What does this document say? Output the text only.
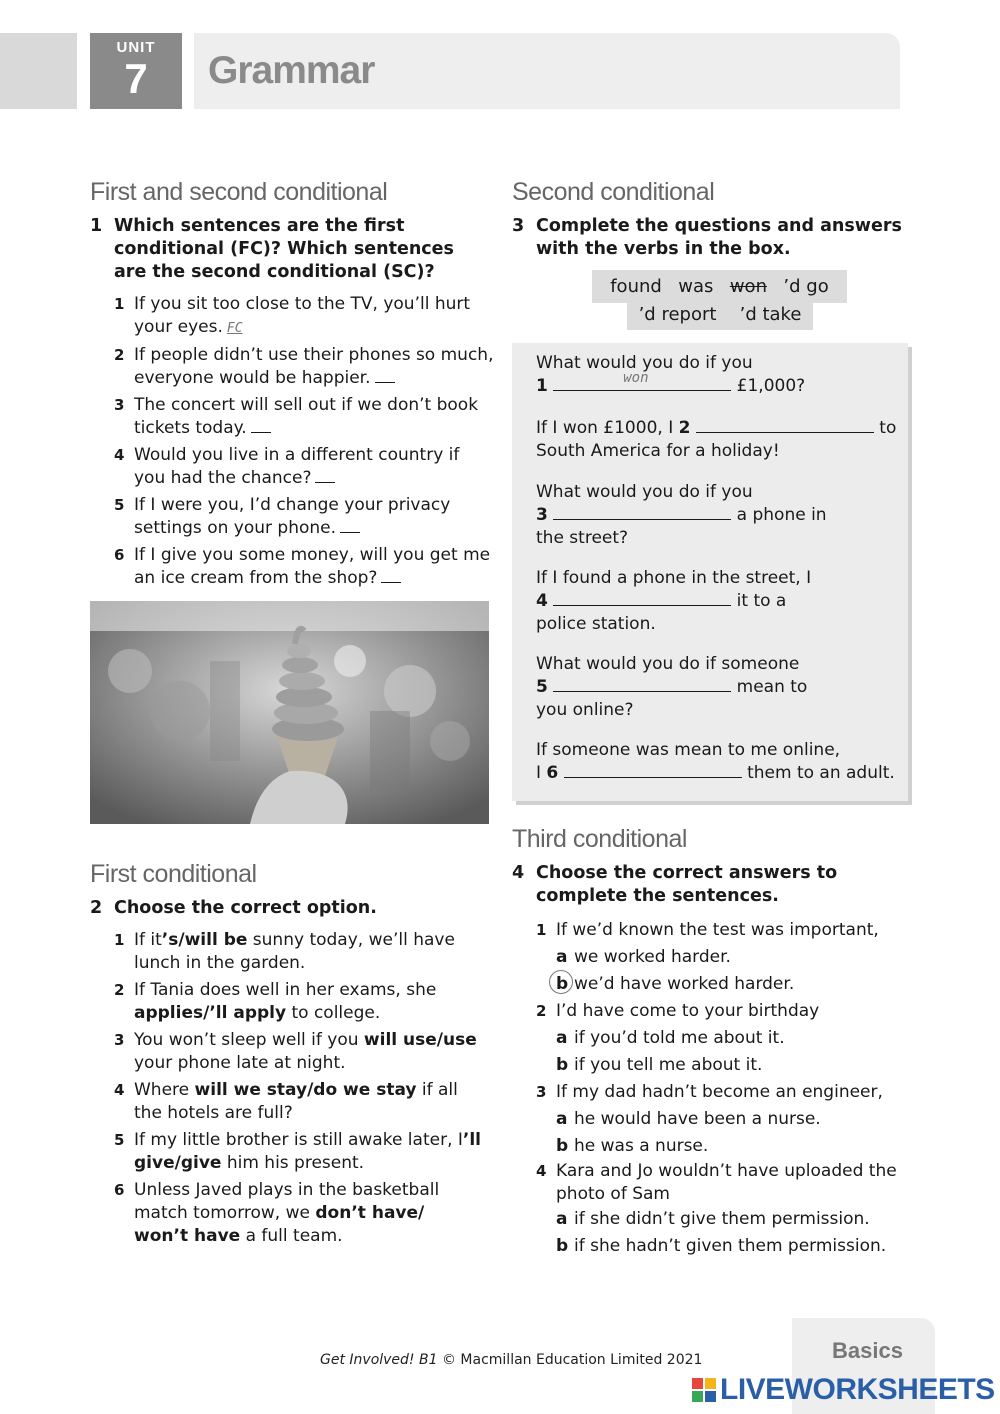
UNIT
7	Grammar
First and second conditional
1 Which sentences are the first conditional (FC)? Which sentences are the second conditional (SC)?
1 If you sit too close to the TV, you’ll hurt your eyes. FC
2 If people didn’t use their phones so much, everyone would be happier.
3 The concert will sell out if we don’t book tickets today.
4 Would you live in a different country if you had the chance?
5 If I were you, I’d change your privacy settings on your phone.
6 If I give you some money, will you get me an ice cream from the shop?
First conditional
2 Choose the correct option.
1 If it’s/will be sunny today, we’ll have lunch in the garden.
2 If Tania does well in her exams, she applies/’ll apply to college.
3 You won’t sleep well if you will use/use your phone late at night.
4 Where will we stay/do we stay if all the hotels are full?
5 If my little brother is still awake later, I’ll give/give him his present.
6 Unless Javed plays in the basketball match tomorrow, we don’t have/ won’t have a full team.
Second conditional
3 Complete the questions and answers with the verbs in the box.
found was won ’d go
’d report ’d take
What would you do if you
1	won	£1,000?
If I won £1000, I 2	to
South America for a holiday!
What would you do if you
3	a phone in
the street?
If I found a phone in the street, I
4	it to a
police station.
What would you do if someone
5	mean to
you online?
If someone was mean to me online,
I 6	them to an adult.
Third conditional
4 Choose the correct answers to complete the sentences.
1 If we’d known the test was important,
a we worked harder.
b we’d have worked harder.
2 I’d have come to your birthday
a if you’d told me about it.
b if you tell me about it.
3 If my dad hadn’t become an engineer,
a he would have been a nurse.
b he was a nurse.
4 Kara and Jo wouldn’t have uploaded the photo of Sam
a if she didn’t give them permission.
b if she hadn’t given them permission.
Get Involved! B1 © Macmillan Education Limited 2021	Basics
LIVEWORKSHEETS
